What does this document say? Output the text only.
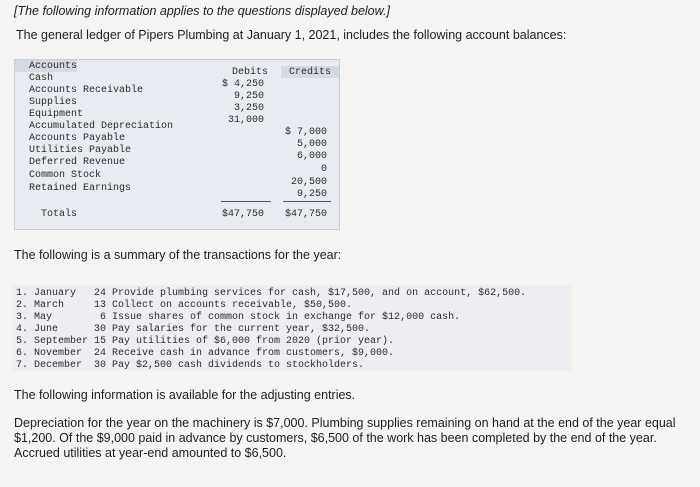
[The following information applies to the questions displayed below.]
The general ledger of Pipers Plumbing at January 1, 2021, includes the following account balances:
Accounts
Debits Credits
Cash
$ 4,250
Accounts Receivable
9,250
Supplies
3,250
Equipment
31,000
Accumulated Depreciation
$ 7,000
Accounts Payable
5,000
Utilities Payable
6,000
Deferred Revenue
0
Common Stock
20,500
Retained Earnings
9,250
Totals	$47,750 $47,750
The following is a summary of the transactions for the year:
1. January   24 Provide plumbing services for cash, $17,500, and on account, $62,500.
2. March     13 Collect on accounts receivable, $50,500.
3. May        6 Issue shares of common stock in exchange for $12,000 cash.
4. June      30 Pay salaries for the current year, $32,500.
5. September 15 Pay utilities of $6,000 from 2020 (prior year).
6. November  24 Receive cash in advance from customers, $9,000.
7. December  30 Pay $2,500 cash dividends to stockholders.
The following information is available for the adjusting entries.
Depreciation for the year on the machinery is $7,000. Plumbing supplies remaining on hand at the end of the year equal
$1,200. Of the $9,000 paid in advance by customers, $6,500 of the work has been completed by the end of the year.
Accrued utilities at year-end amounted to $6,500.
